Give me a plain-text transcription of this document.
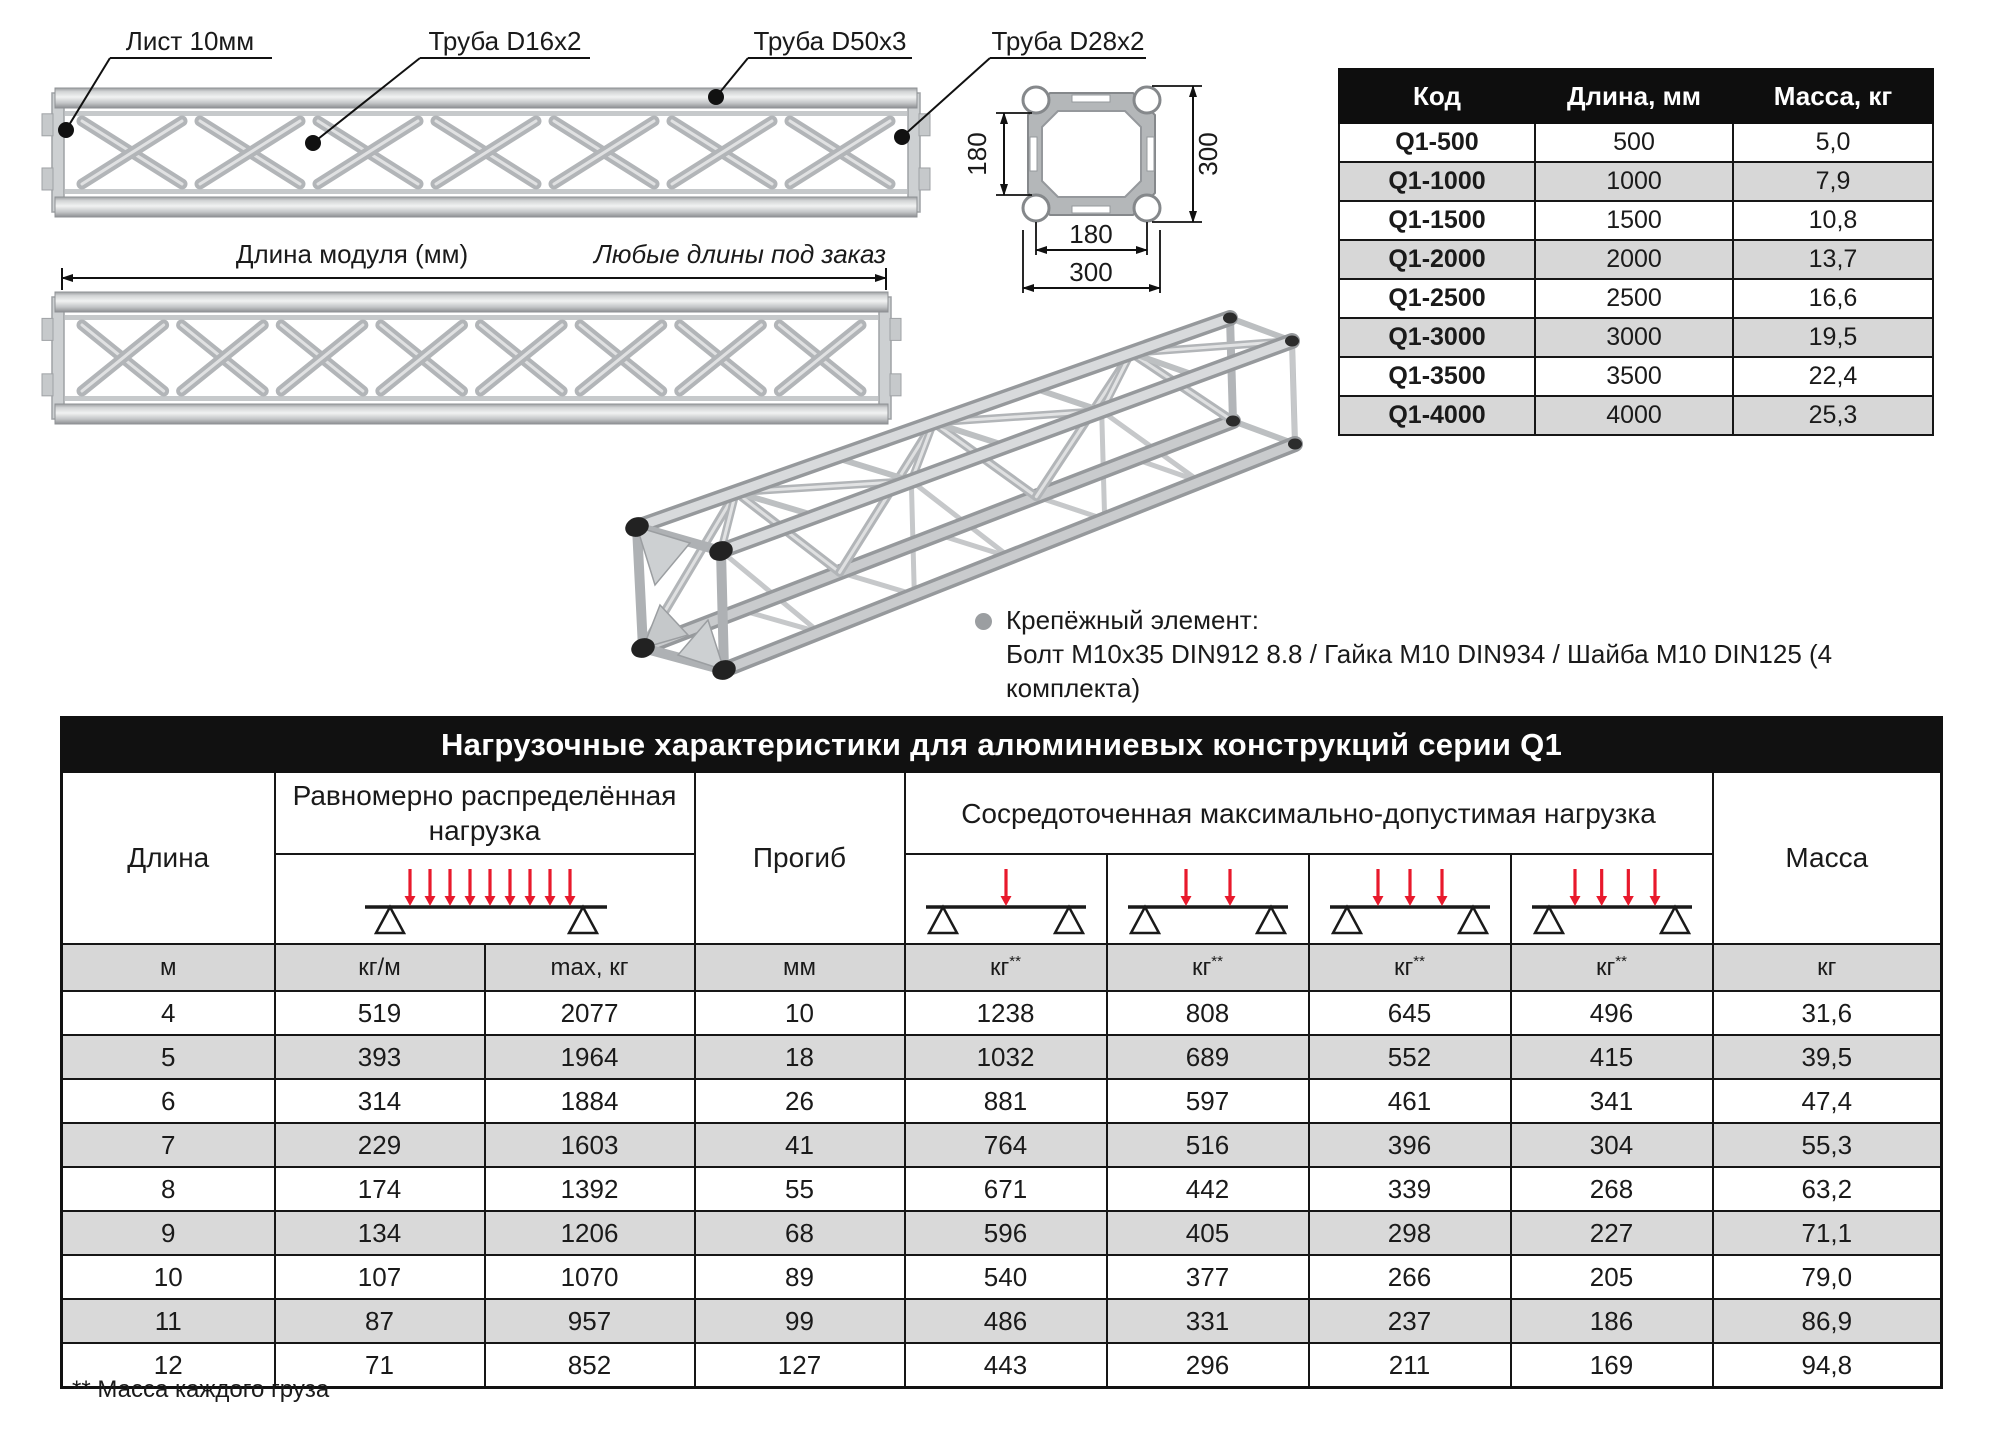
Лист 10мм	Труба D16x2	Труба D50x3	Труба D28x2
Длина модуля (мм)	Любые длины под заказ
180	300
180
300
Код	Длина, мм	Масса, кг
Q1-500	500	5,0
Q1-1000	1000	7,9
Q1-1500	1500	10,8
Q1-2000	2000	13,7
Q1-2500	2500	16,6
Q1-3000	3000	19,5
Q1-3500	3500	22,4
Q1-4000	4000	25,3
Крепёжный элемент:
Болт M10x35 DIN912 8.8 / Гайка M10 DIN934 / Шайба M10 DIN125 (4 комплекта)
Нагрузочные характеристики для алюминиевых конструкций серии Q1								
Длина	Равномерно распределённая нагрузка		Прогиб	Сосредоточенная максимально-допустимая нагрузка				Масса

м	кг/м	max, кг	мм	кг**	кг**	кг**	кг**	кг
4	519	2077	10	1238	808	645	496	31,6
5	393	1964	18	1032	689	552	415	39,5
6	314	1884	26	881	597	461	341	47,4
7	229	1603	41	764	516	396	304	55,3
8	174	1392	55	671	442	339	268	63,2
9	134	1206	68	596	405	298	227	71,1
10	107	1070	89	540	377	266	205	79,0
11	87	957	99	486	331	237	186	86,9
12	71	852	127	443	296	211	169	94,8
** Масса каждого груза
